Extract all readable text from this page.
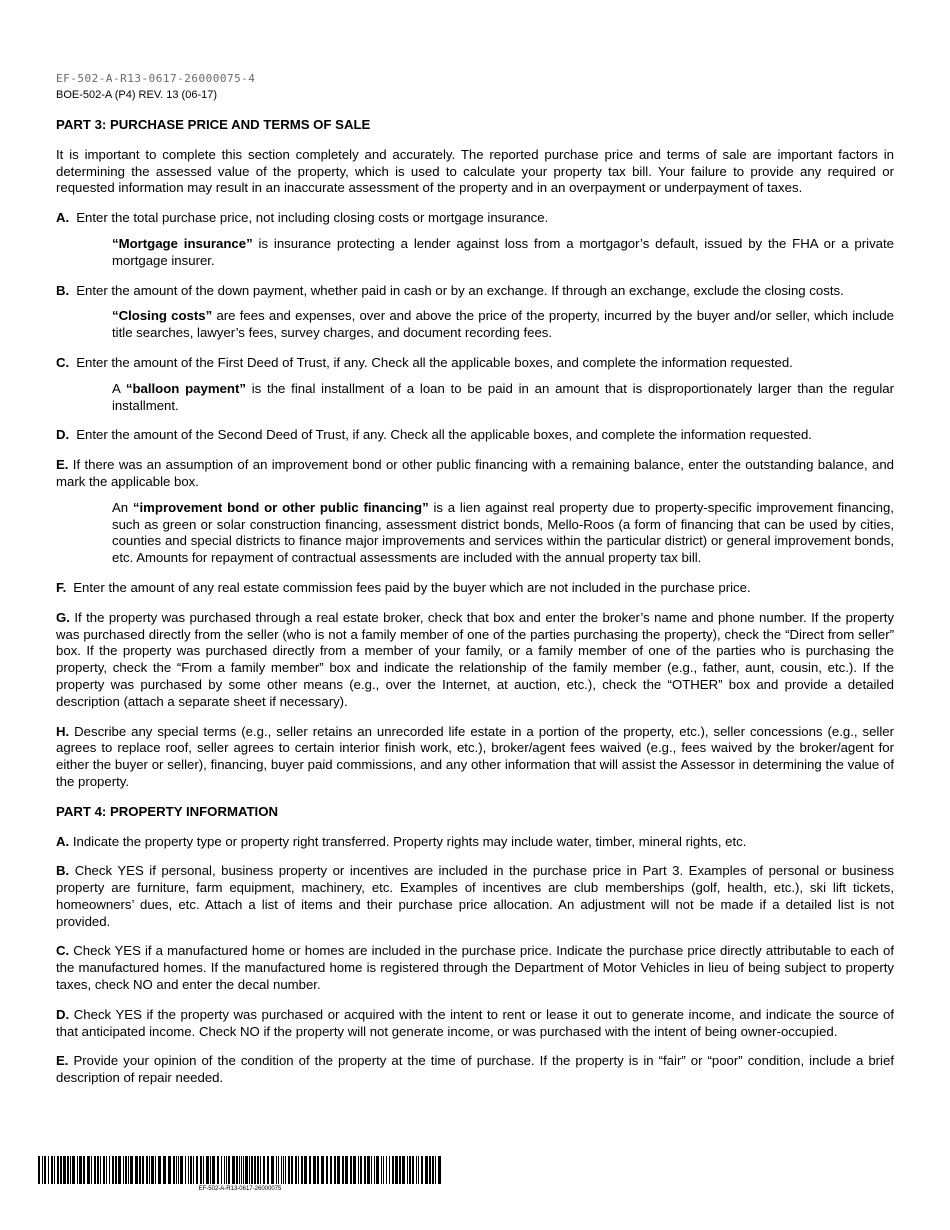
EF-502-A-R13-0617-26000075-4
BOE-502-A (P4) REV. 13 (06-17)
PART 3: PURCHASE PRICE AND TERMS OF SALE

It is important to complete this section completely and accurately. The reported purchase price and terms of sale are important factors in determining the assessed value of the property, which is used to calculate your property tax bill. Your failure to provide any required or requested information may result in an inaccurate assessment of the property and in an overpayment or underpayment of taxes.

A. Enter the total purchase price, not including closing costs or mortgage insurance.
“Mortgage insurance” is insurance protecting a lender against loss from a mortgagor’s default, issued by the FHA or a private mortgage insurer.
B. Enter the amount of the down payment, whether paid in cash or by an exchange. If through an exchange, exclude the closing costs.
“Closing costs” are fees and expenses, over and above the price of the property, incurred by the buyer and/or seller, which include title searches, lawyer’s fees, survey charges, and document recording fees.
C. Enter the amount of the First Deed of Trust, if any. Check all the applicable boxes, and complete the information requested.
A “balloon payment” is the final installment of a loan to be paid in an amount that is disproportionately larger than the regular installment.
D. Enter the amount of the Second Deed of Trust, if any. Check all the applicable boxes, and complete the information requested.

E. If there was an assumption of an improvement bond or other public financing with a remaining balance, enter the outstanding balance, and mark the applicable box.

An “improvement bond or other public financing” is a lien against real property due to property-specific improvement financing, such as green or solar construction financing, assessment district bonds, Mello-Roos (a form of financing that can be used by cities, counties and special districts to finance major improvements and services within the particular district) or general improvement bonds, etc. Amounts for repayment of contractual assessments are included with the annual property tax bill.
F. Enter the amount of any real estate commission fees paid by the buyer which are not included in the purchase price.

G. If the property was purchased through a real estate broker, check that box and enter the broker’s name and phone number. If the property was purchased directly from the seller (who is not a family member of one of the parties purchasing the property), check the “Direct from seller” box. If the property was purchased directly from a member of your family, or a family member of one of the parties who is purchasing the property, check the “From a family member” box and indicate the relationship of the family member (e.g., father, aunt, cousin, etc.). If the property was purchased by some other means (e.g., over the Internet, at auction, etc.), check the “OTHER” box and provide a detailed description (attach a separate sheet if necessary).

H. Describe any special terms (e.g., seller retains an unrecorded life estate in a portion of the property, etc.), seller concessions (e.g., seller agrees to replace roof, seller agrees to certain interior finish work, etc.), broker/agent fees waived (e.g., fees waived by the broker/agent for either the buyer or seller), financing, buyer paid commissions, and any other information that will assist the Assessor in determining the value of the property.

PART 4: PROPERTY INFORMATION

A. Indicate the property type or property right transferred. Property rights may include water, timber, mineral rights, etc.

B. Check YES if personal, business property or incentives are included in the purchase price in Part 3. Examples of personal or business property are furniture, farm equipment, machinery, etc. Examples of incentives are club memberships (golf, health, etc.), ski lift tickets, homeowners’ dues, etc. Attach a list of items and their purchase price allocation. An adjustment will not be made if a detailed list is not provided.

C. Check YES if a manufactured home or homes are included in the purchase price. Indicate the purchase price directly attributable to each of the manufactured homes. If the manufactured home is registered through the Department of Motor Vehicles in lieu of being subject to property taxes, check NO and enter the decal number.

D. Check YES if the property was purchased or acquired with the intent to rent or lease it out to generate income, and indicate the source of that anticipated income. Check NO if the property will not generate income, or was purchased with the intent of being owner-occupied.

E. Provide your opinion of the condition of the property at the time of purchase. If the property is in “fair” or “poor” condition, include a brief description of repair needed.

EF-502-A-R13-0617-26000075
